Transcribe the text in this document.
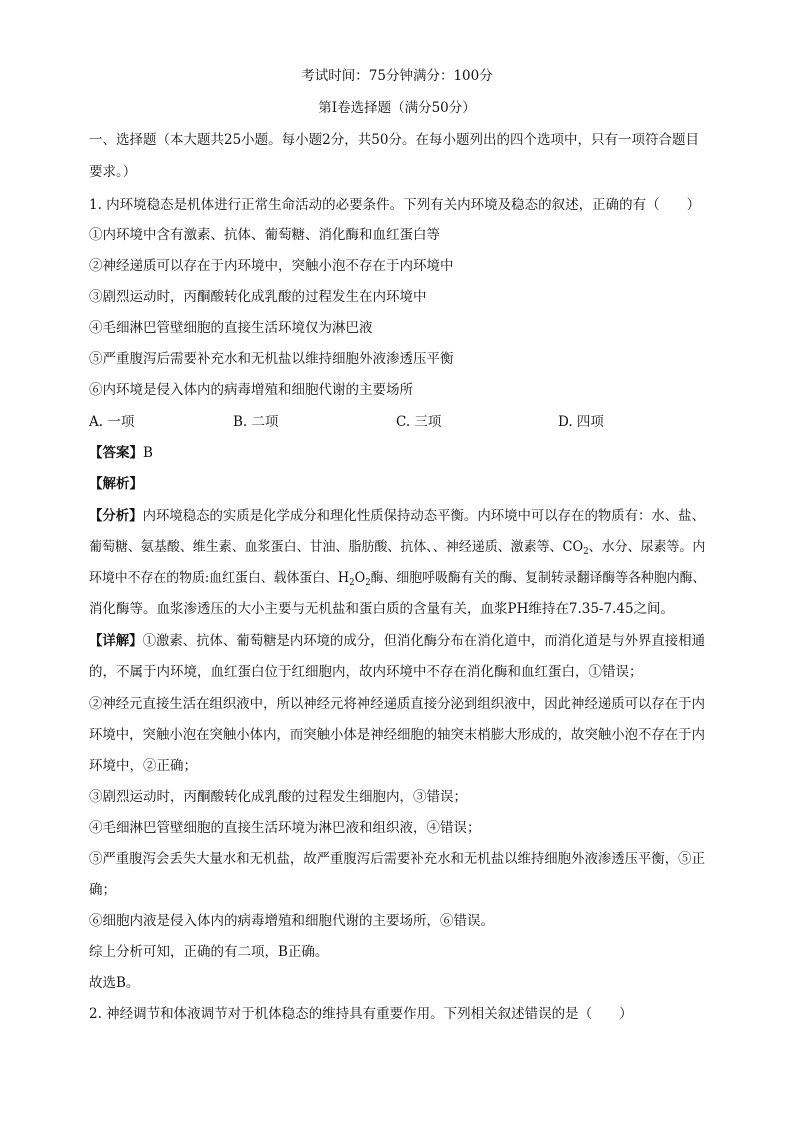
考试时间：75分钟满分：100分
第Ⅰ卷选择题（满分50分）
一、选择题（本大题共25小题。每小题2分，共50分。在每小题列出的四个选项中，只有一项符合题目
要求。）
1. 内环境稳态是机体进行正常生命活动的必要条件。下列有关内环境及稳态的叙述，正确的有（　　）
①内环境中含有激素、抗体、葡萄糖、消化酶和血红蛋白等
②神经递质可以存在于内环境中，突触小泡不存在于内环境中
③剧烈运动时，丙酮酸转化成乳酸的过程发生在内环境中
④毛细淋巴管壁细胞的直接生活环境仅为淋巴液
⑤严重腹泻后需要补充水和无机盐以维持细胞外液渗透压平衡
⑥内环境是侵入体内的病毒增殖和细胞代谢的主要场所
A. 一项	B. 二项	C. 三项	D. 四项
【答案】B
【解析】
【分析】内环境稳态的实质是化学成分和理化性质保持动态平衡。内环境中可以存在的物质有：水、盐、
葡萄糖、氨基酸、维生素、血浆蛋白、甘油、脂肪酸、抗体、、神经递质、激素等、$CO_2$、水分、尿素等。内
环境中不存在的物质:血红蛋白、载体蛋白、$H_2O_2$酶、细胞呼吸酶有关的酶、复制转录翻译酶等各种胞内酶、
消化酶等。血浆渗透压的大小主要与无机盐和蛋白质的含量有关，血浆PH维持在7.35-7.45之间。
【详解】①激素、抗体、葡萄糖是内环境的成分，但消化酶分布在消化道中，而消化道是与外界直接相通
的，不属于内环境，血红蛋白位于红细胞内，故内环境中不存在消化酶和血红蛋白，①错误；
②神经元直接生活在组织液中，所以神经元将神经递质直接分泌到组织液中，因此神经递质可以存在于内
环境中，突触小泡在突触小体内，而突触小体是神经细胞的轴突末梢膨大形成的，故突触小泡不存在于内
环境中，②正确；
③剧烈运动时，丙酮酸转化成乳酸的过程发生细胞内，③错误；
④毛细淋巴管壁细胞的直接生活环境为淋巴液和组织液，④错误；
⑤严重腹泻会丢失大量水和无机盐，故严重腹泻后需要补充水和无机盐以维持细胞外液渗透压平衡，⑤正
确；
⑥细胞内液是侵入体内的病毒增殖和细胞代谢的主要场所，⑥错误。
综上分析可知，正确的有二项，B正确。
故选B。
2. 神经调节和体液调节对于机体稳态的维持具有重要作用。下列相关叙述错误的是（　　）
